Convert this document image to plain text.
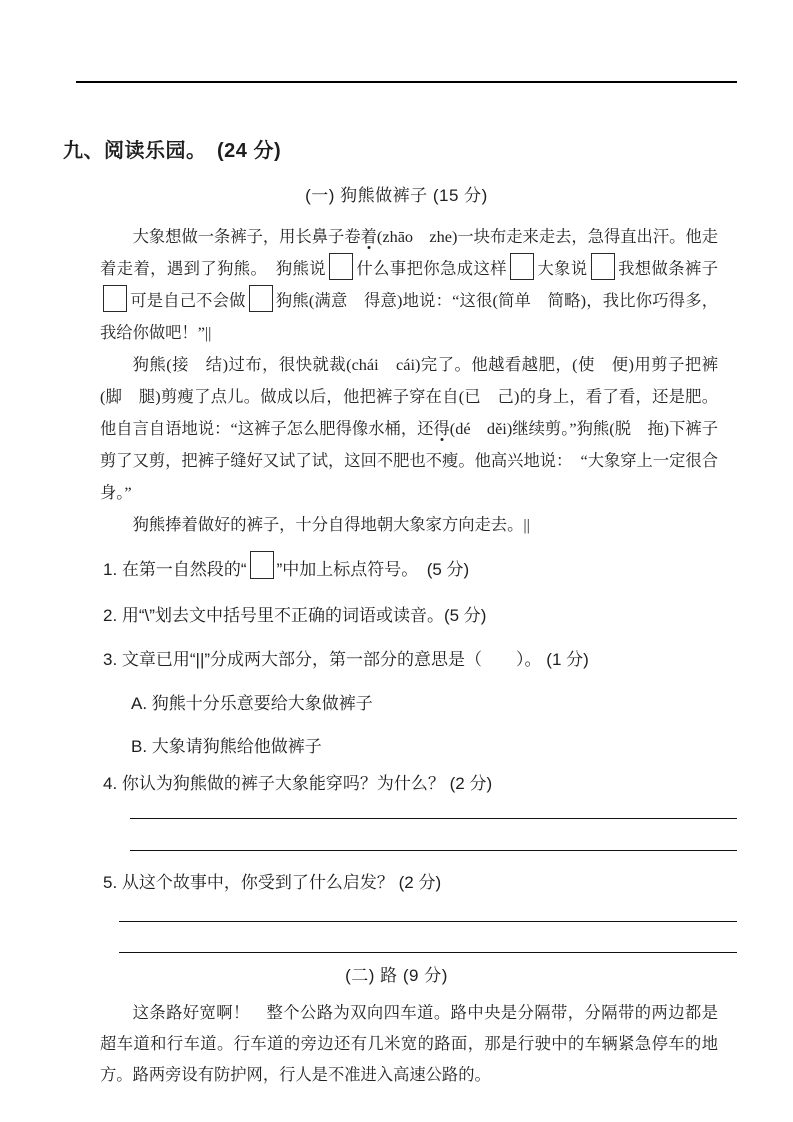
九、阅读乐园。　(24 分)
(一) 狗熊做裤子 (15 分)

大象想做一条裤子，用长鼻子卷着(zhāo　zhe)一块布走来走去，急得直出汗。他走着走着，遇到了狗熊。　狗熊说 什么事把你急成这样 大象说 我想做条裤子可是自己不会做 狗熊(满意　得意)地说：“这很(简单　简略)，我比你巧得多，我给你做吧！”||

狗熊(接　结)过布，很快就裁(chái　cái)完了。他越看越肥，(使　便)用剪子把裤(脚　腿)剪瘦了点儿。做成以后，他把裤子穿在自(已　己)的身上，看了看，还是肥。他自言自语地说：“这裤子怎么肥得像水桶，还得(dé　děi)继续剪。”狗熊(脱　拖)下裤子剪了又剪，把裤子缝好又试了试，这回不肥也不瘦。他高兴地说：　“大象穿上一定很合身。”

狗熊捧着做好的裤子，十分自得地朝大象家方向走去。||

1. 在第一自然段的“ ”中加上标点符号。　(5 分)
2. 用“\”划去文中括号里不正确的词语或读音。(5 分)
3. 文章已用“||”分成两大部分，第一部分的意思是（　　）。 (1 分)
A. 狗熊十分乐意要给大象做裤子
B. 大象请狗熊给他做裤子
4. 你认为狗熊做的裤子大象能穿吗？为什么？ (2 分)
5. 从这个故事中，你受到了什么启发？ (2 分)
(二) 路 (9 分)

这条路好宽啊！　整个公路为双向四车道。路中央是分隔带，分隔带的两边都是超车道和行车道。行车道的旁边还有几米宽的路面，那是行驶中的车辆紧急停车的地方。路两旁设有防护网，行人是不准进入高速公路的。
